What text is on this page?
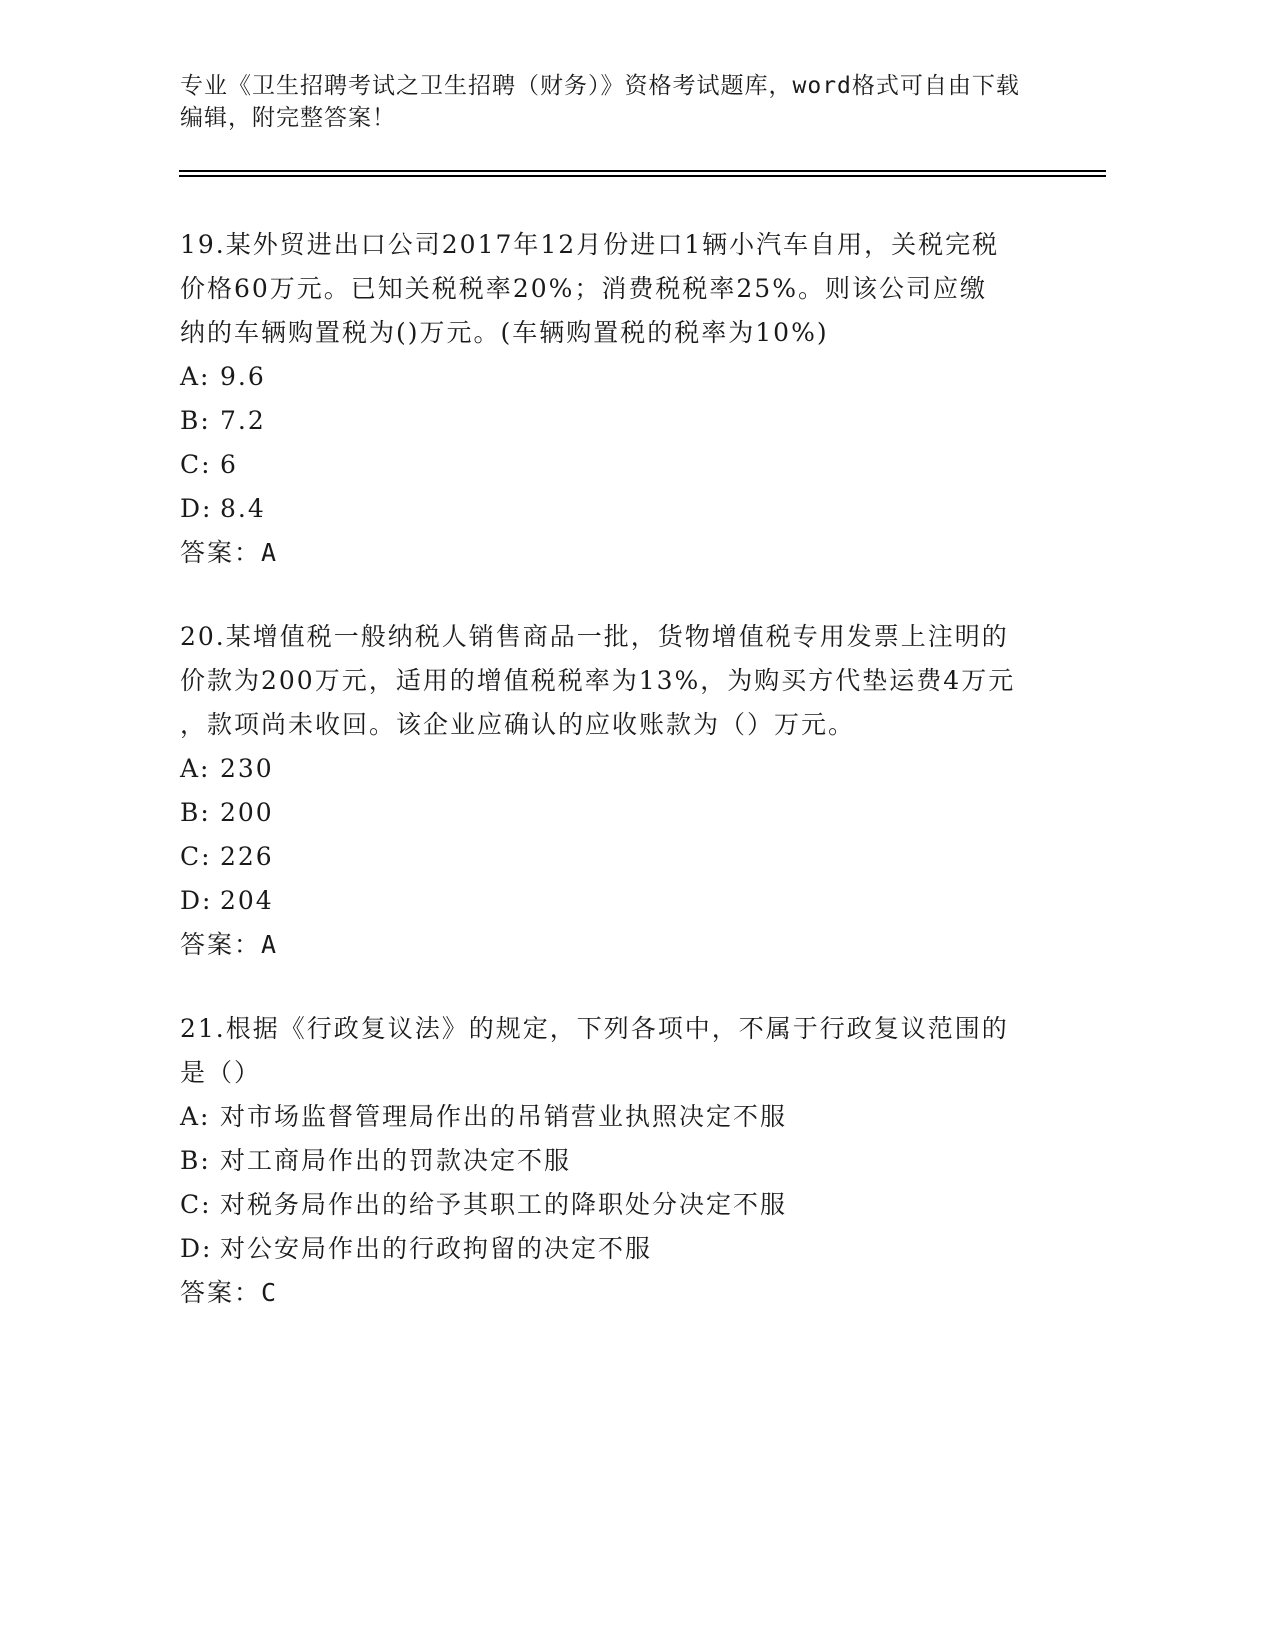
专业《卫生招聘考试之卫生招聘（财务）》资格考试题库，word格式可自由下载
编辑，附完整答案！

19.某外贸进出口公司2017年12月份进口1辆小汽车自用，关税完税

价格60万元。已知关税税率20%；消费税税率25%。则该公司应缴

纳的车辆购置税为()万元。(车辆购置税的税率为10%)

A: 9.6
B: 7.2
C: 6
D: 8.4

答案：A

20.某增值税一般纳税人销售商品一批，货物增值税专用发票上注明的

价款为200万元，适用的增值税税率为13%，为购买方代垫运费4万元

，款项尚未收回。该企业应确认的应收账款为（）万元。

A: 230
B: 200
C: 226
D: 204

答案：A

21.根据《行政复议法》的规定，下列各项中，不属于行政复议范围的

是（）

A: 对市场监督管理局作出的吊销营业执照决定不服
B: 对工商局作出的罚款决定不服
C: 对税务局作出的给予其职工的降职处分决定不服
D: 对公安局作出的行政拘留的决定不服

答案：C
